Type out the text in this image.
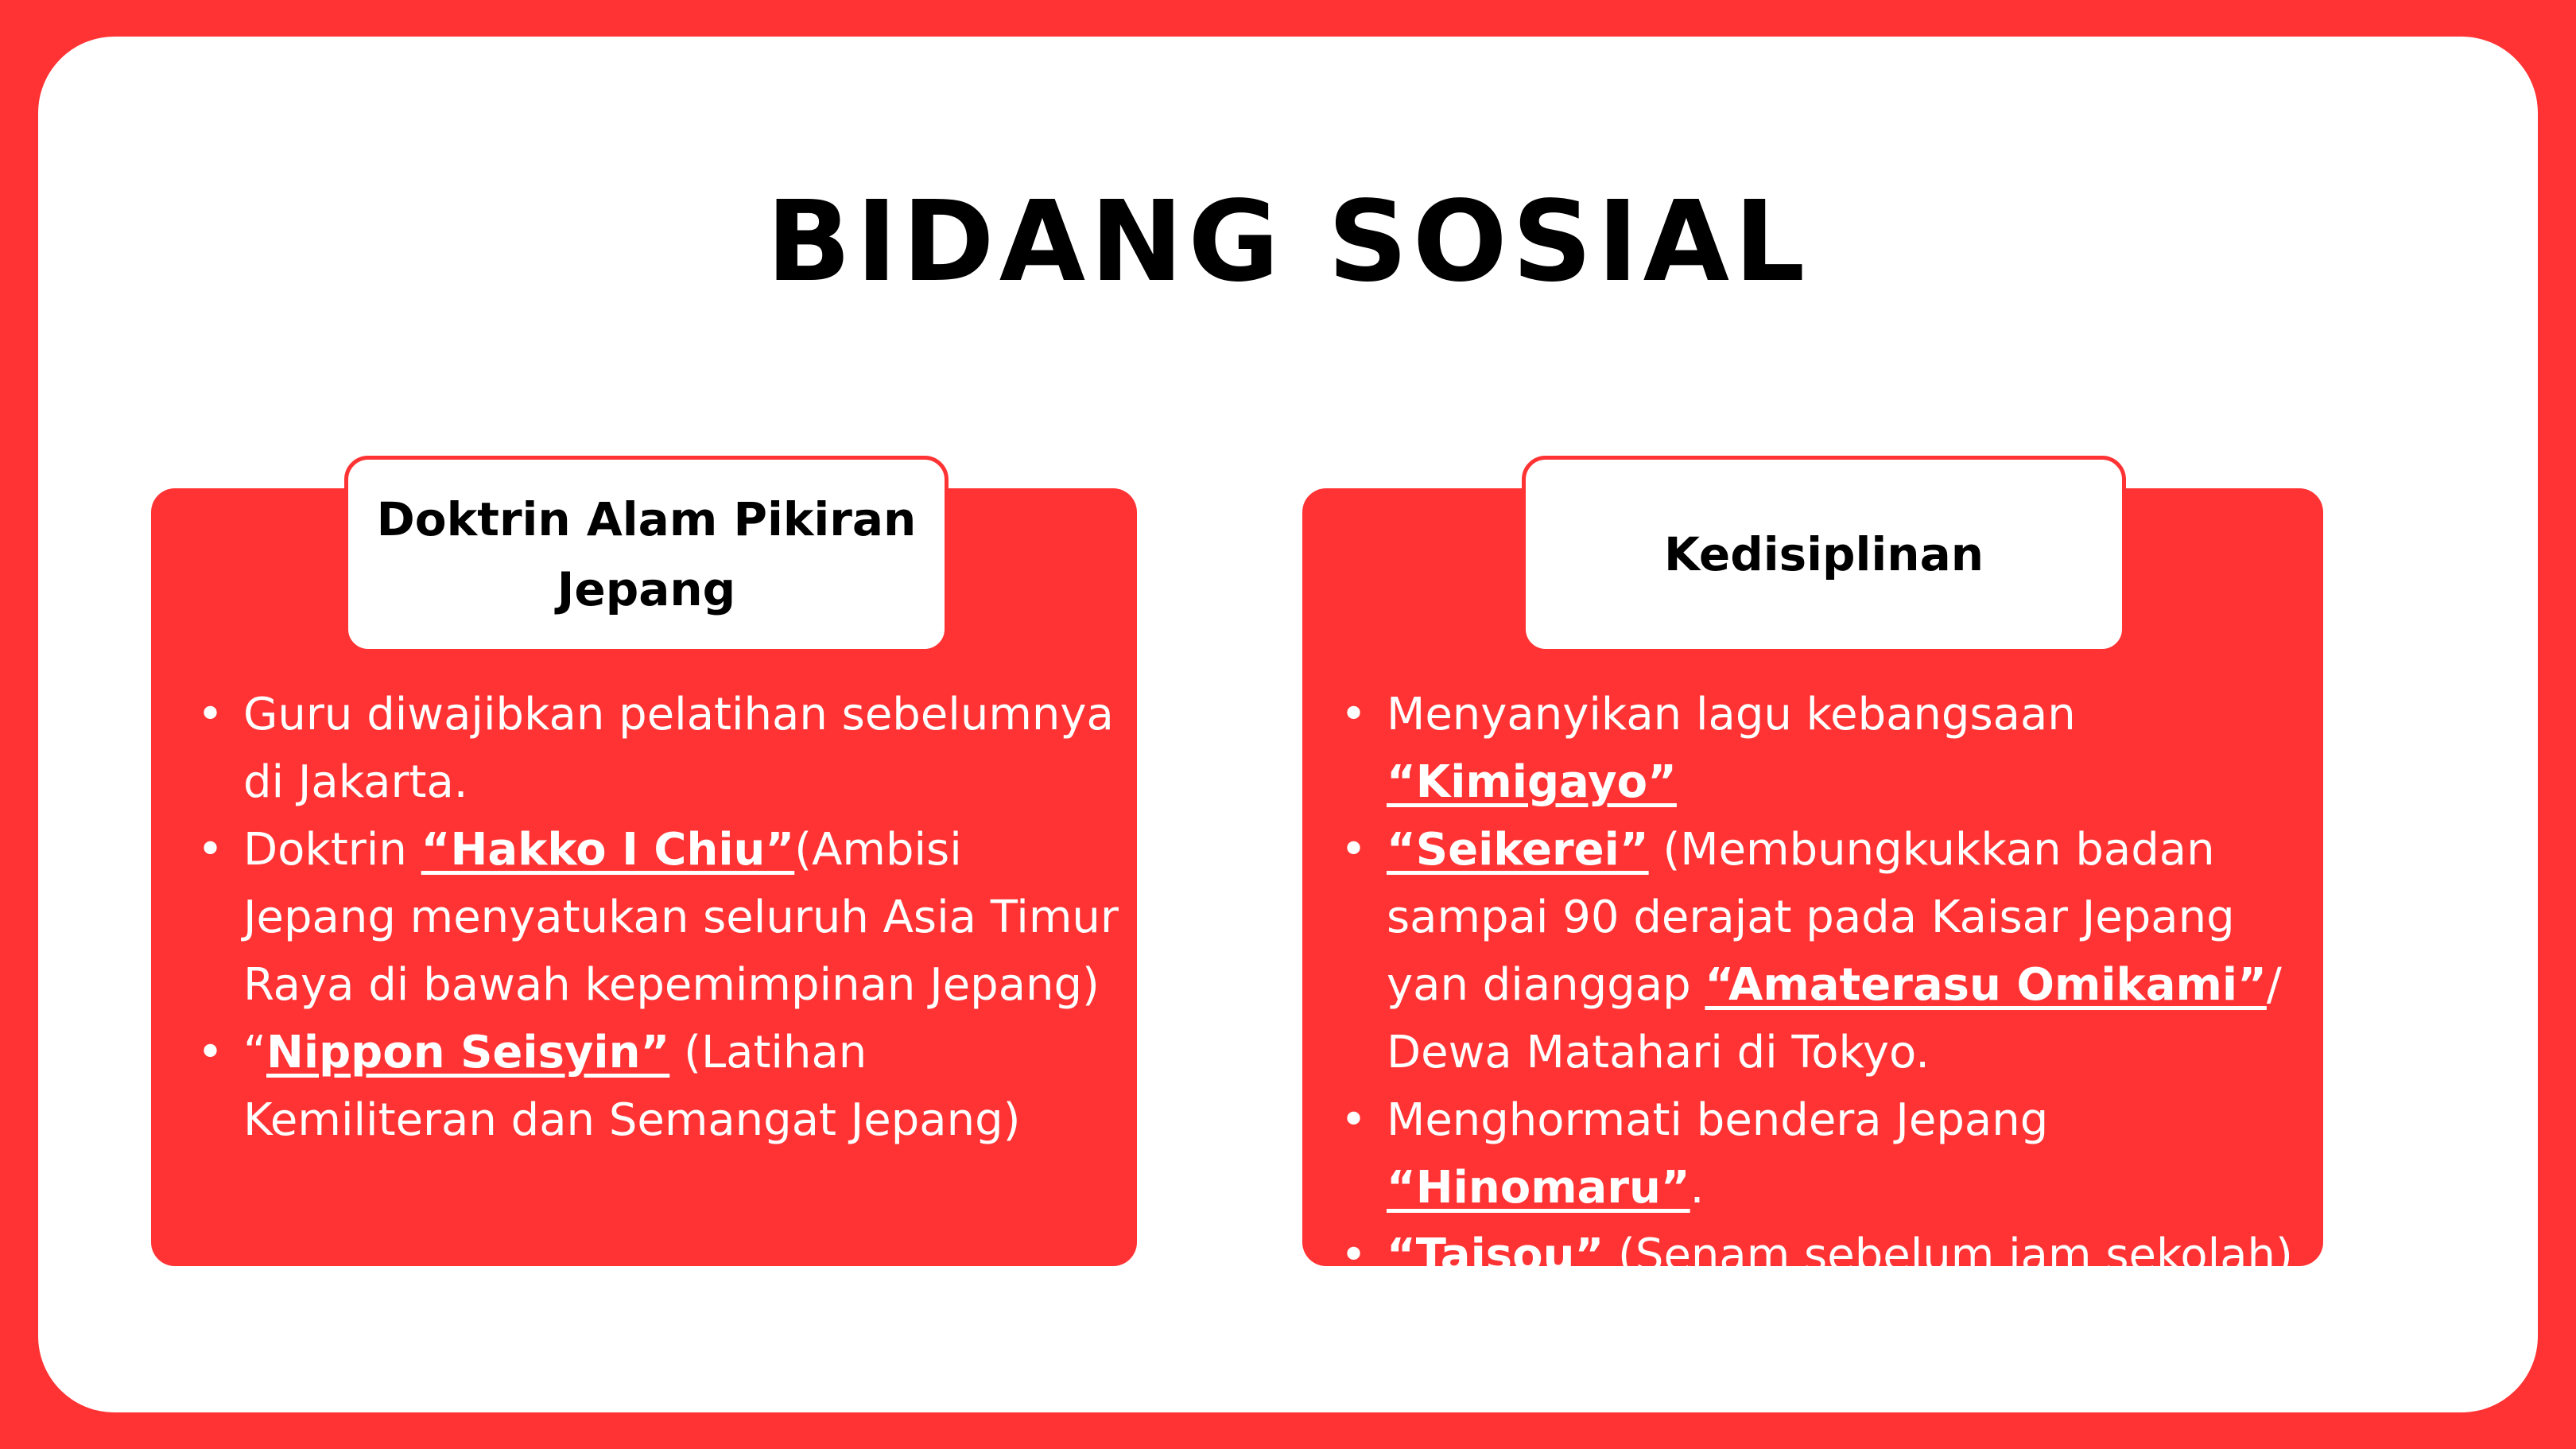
BIDANG SOSIAL
Doktrin Alam Pikiran Jepang
Kedisiplinan
• Guru diwajibkan pelatihan sebelumnya di Jakarta.
• Doktrin “Hakko I Chiu”(Ambisi Jepang menyatukan seluruh Asia Timur Raya di bawah kepemimpinan Jepang)
• “Nippon Seisyin” (Latihan Kemiliteran dan Semangat Jepang)
• Menyanyikan lagu kebangsaan “Kimigayo”
• “Seikerei” (Membungkukkan badan sampai 90 derajat pada Kaisar Jepang yan dianggap “Amaterasu Omikami”/ Dewa Matahari di Tokyo.
• Menghormati bendera Jepang “Hinomaru”.
• “Taisou” (Senam sebelum jam sekolah)
